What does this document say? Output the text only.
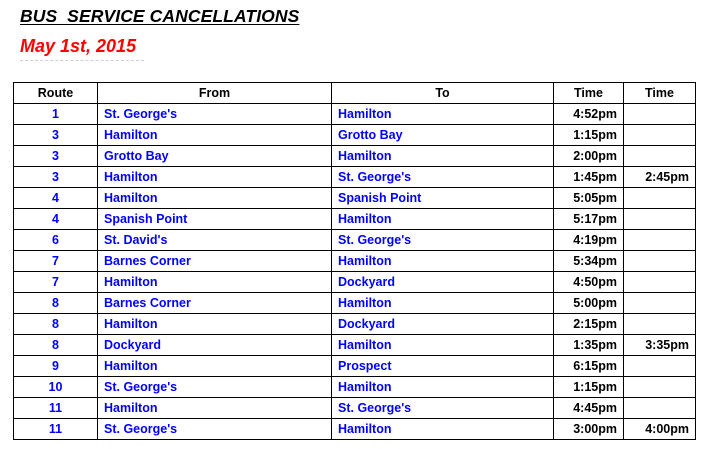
BUS  SERVICE CANCELLATIONS
May 1st, 2015
Route	From	To	Time	Time
1	St. George's	Hamilton	4:52pm	
3	Hamilton	Grotto Bay	1:15pm	
3	Grotto Bay	Hamilton	2:00pm	
3	Hamilton	St. George's	1:45pm	2:45pm
4	Hamilton	Spanish Point	5:05pm	
4	Spanish Point	Hamilton	5:17pm	
6	St. David's	St. George's	4:19pm	
7	Barnes Corner	Hamilton	5:34pm	
7	Hamilton	Dockyard	4:50pm	
8	Barnes Corner	Hamilton	5:00pm	
8	Hamilton	Dockyard	2:15pm	
8	Dockyard	Hamilton	1:35pm	3:35pm
9	Hamilton	Prospect	6:15pm	
10	St. George's	Hamilton	1:15pm	
11	Hamilton	St. George's	4:45pm	
11	St. George's	Hamilton	3:00pm	4:00pm
